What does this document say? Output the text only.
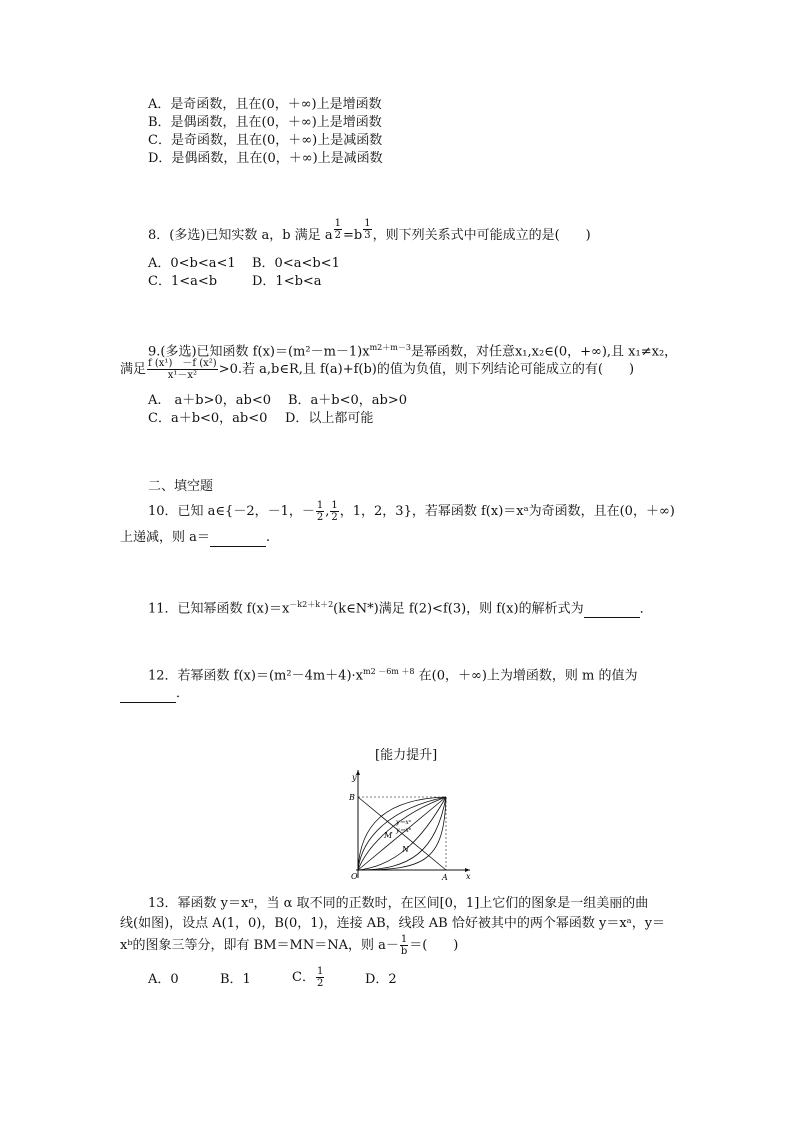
A．是奇函数，且在(0，＋∞)上是增函数
B．是偶函数，且在(0，＋∞)上是增函数
C．是奇函数，且在(0，＋∞)上是减函数
D．是偶函数，且在(0，＋∞)上是减函数
8．(多选)已知实数 a，b 满足 a $\frac{1}{2} =b \frac{1}{3}$ ，则下列关系式中可能成立的是(　　)
A．0<b<a<1 B．0<a<b<1
C．1<a<b	D．1<b<a
9.(多选)已知函数 $f(x)=(m^2-m-1)x^{m2+m-3}$是幂函数，对任意x₁,x₂∈(0，+∞),且 x₁≠x₂，
满足 $\frac{\text{f (x¹)　－f (x²)}}{\text{x¹－x²}} >0$.若 a,b∈R,且 f(a)+f(b)的值为负值，则下列结论可能成立的有(　　)
A.　a＋b>0，ab<0 B．a＋b<0，ab>0
C．a＋b<0，ab<0 D．以上都可能
二、填空题
10．已知 a∈{－2，－1，－ $\frac{1}{2}$ , $\frac{1}{2}$ ，1，2，3}，若幂函数 f(x)＝xᵃ为奇函数，且在(0，＋∞)
上递减，则 a＝	.
11．已知幂函数 $f(x)=x^{-k2+k+2}(k\in N*)$满足 f(2)<f(3)，则 f(x)的解析式为	．
12．若幂函数 $f(x)=(m^2-4m+4)\cdot x^{m2 -6m +8}$ 在(0，＋∞)上为增函数，则 m 的值为
．
[能力提升]
y
x
B
A
O
M
N
y＝xᵃ
y＝xᵇ
13．幂函数 y＝xᵅ，当 α 取不同的正数时，在区间[0，1]上它们的图象是一组美丽的曲
线(如图)，设点 A(1，0)，B(0，1)，连接 AB，线段 AB 恰好被其中的两个幂函数 y＝xᵃ，y＝
xᵇ的图象三等分，即有 BM＝MN＝NA，则 $a- \frac{1}{b}$ ＝(　　)
A．0	B．1	C． $\frac{1}{2}$	D．2
